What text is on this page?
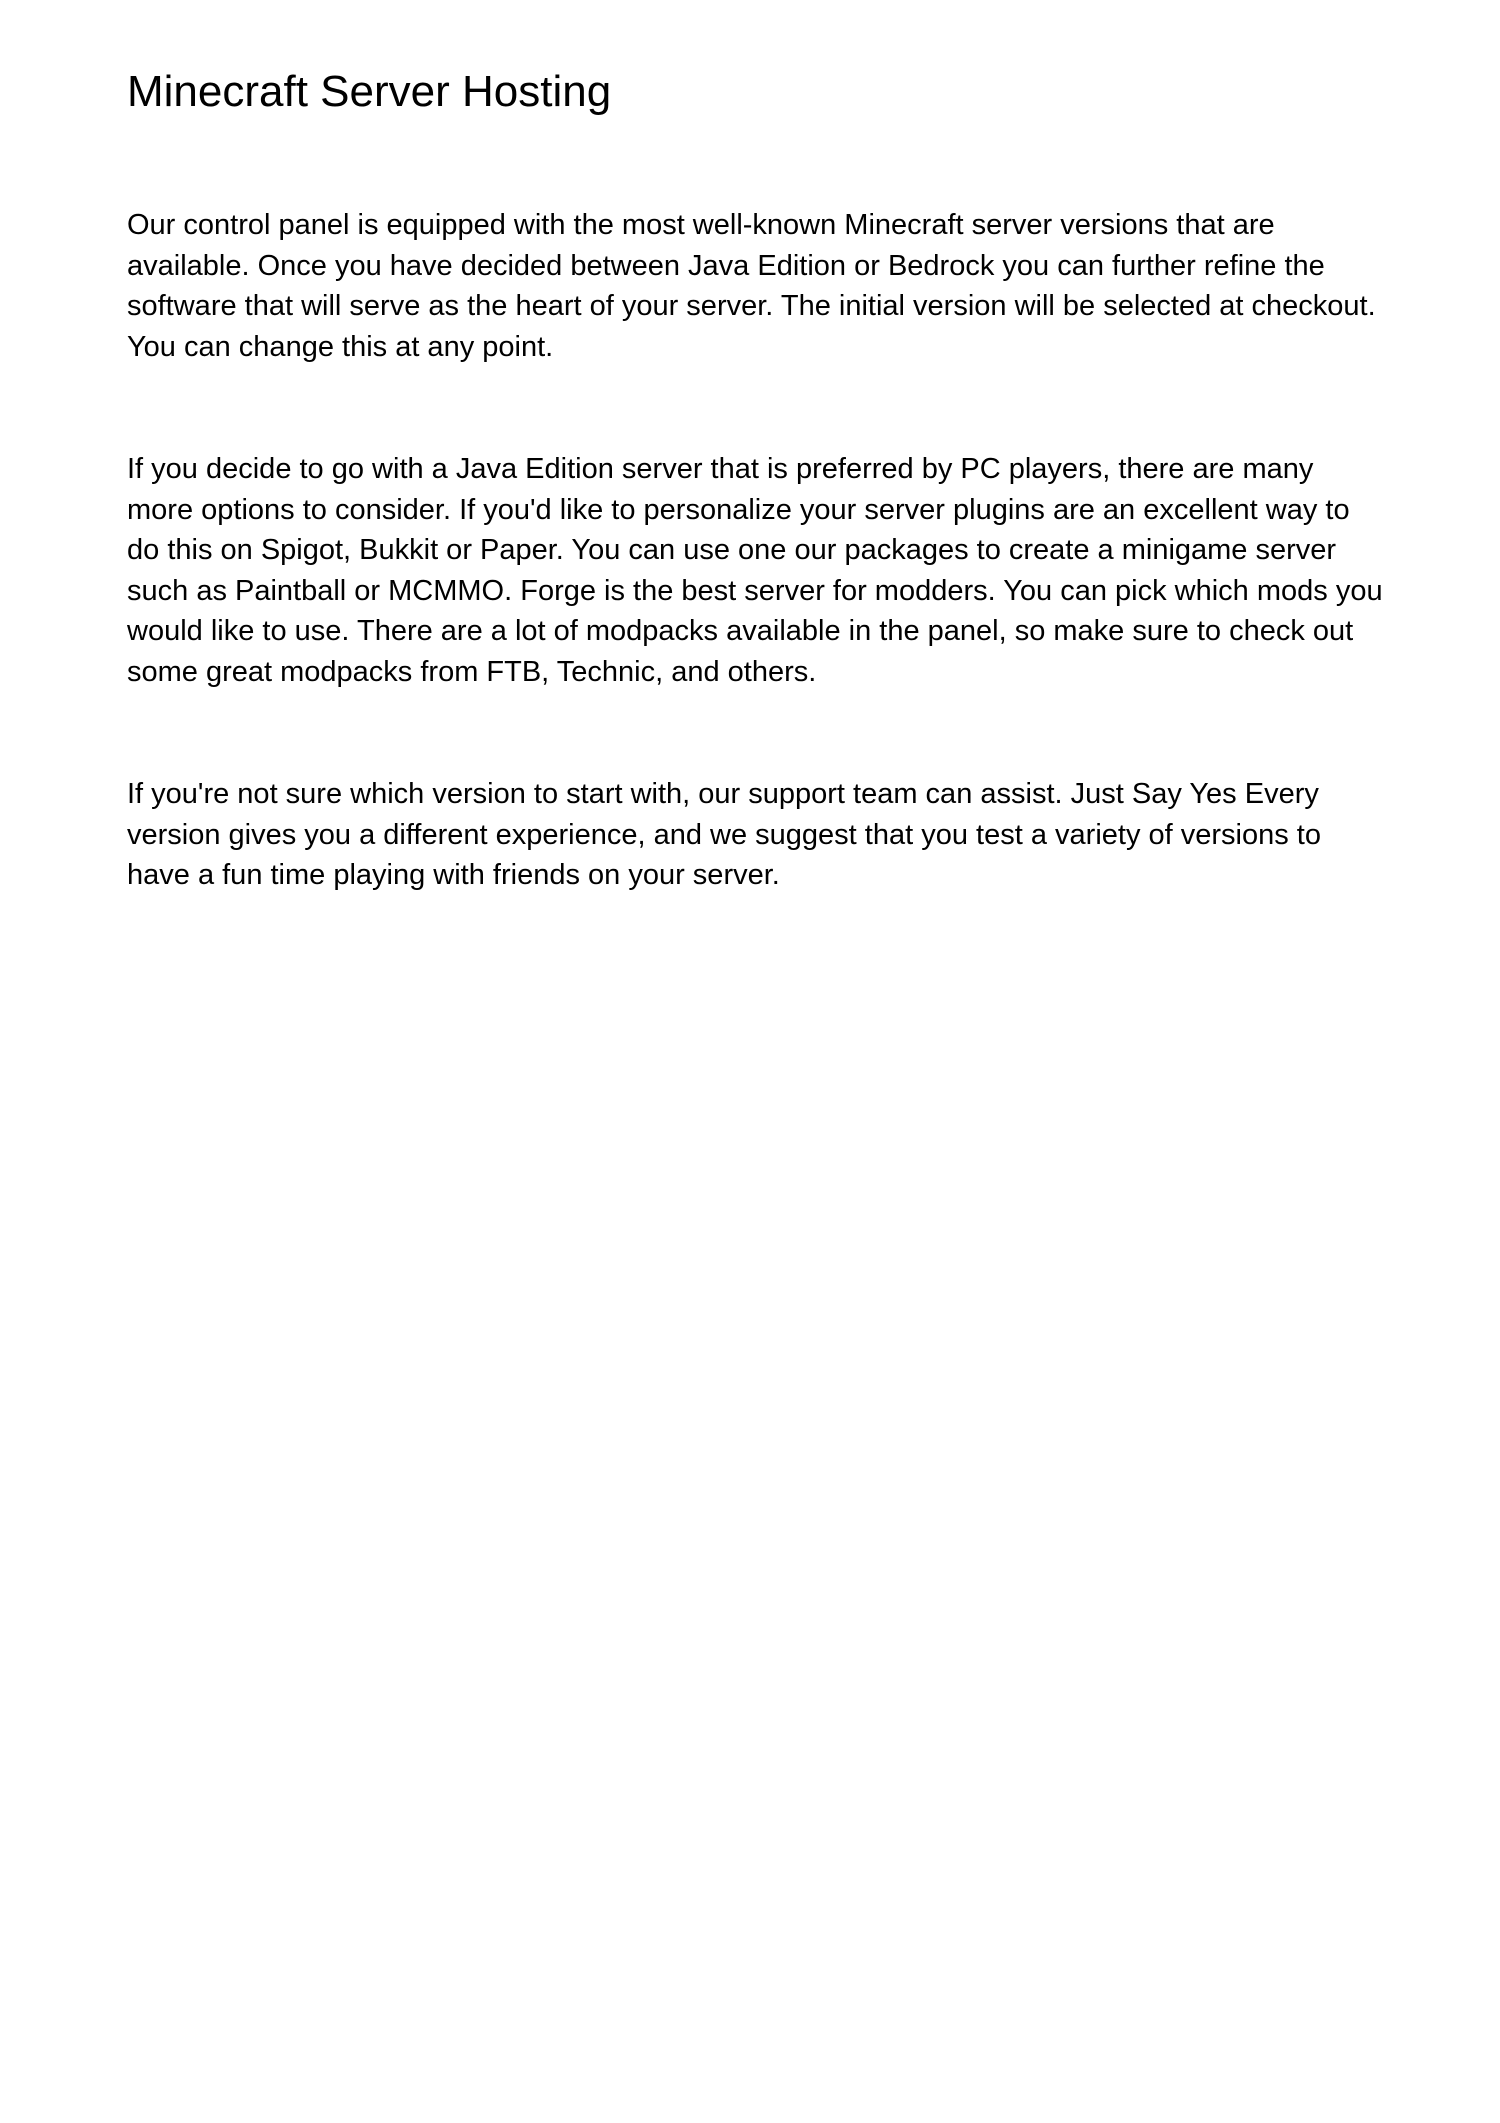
Minecraft Server Hosting

Our control panel is equipped with the most well-known Minecraft server versions that are available. Once you have decided between Java Edition or Bedrock you can further refine the software that will serve as the heart of your server. The initial version will be selected at checkout. You can change this at any point.

If you decide to go with a Java Edition server that is preferred by PC players, there are many more options to consider. If you'd like to personalize your server plugins are an excellent way to do this on Spigot, Bukkit or Paper. You can use one our packages to create a minigame server such as Paintball or MCMMO. Forge is the best server for modders. You can pick which mods you would like to use. There are a lot of modpacks available in the panel, so make sure to check out some great modpacks from FTB, Technic, and others.

If you're not sure which version to start with, our support team can assist. Just Say Yes Every version gives you a different experience, and we suggest that you test a variety of versions to have a fun time playing with friends on your server.
